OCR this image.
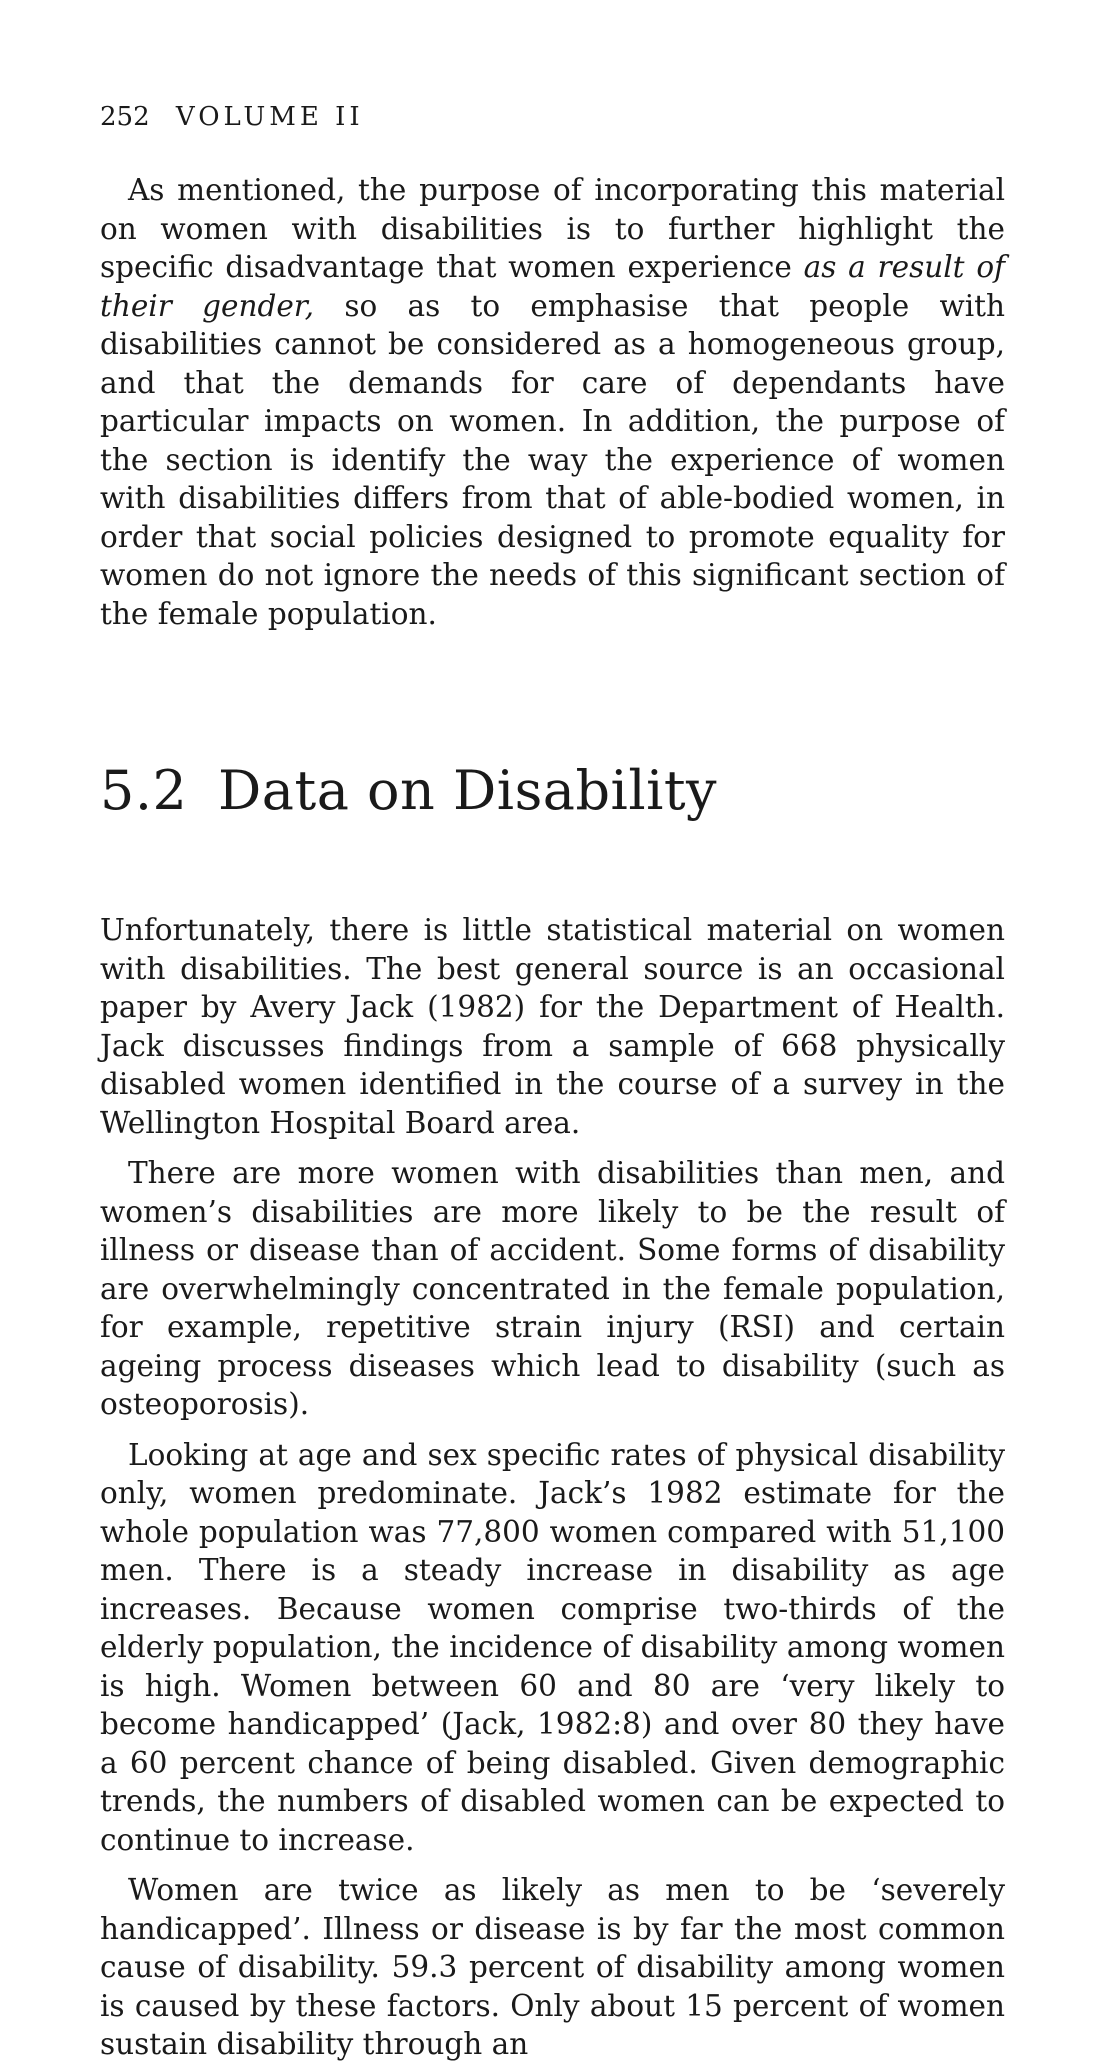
252 VOLUME II

As mentioned, the purpose of incorporating this material on women with disabilities is to further highlight the specific disadvantage that women experience as a result of their gender, so as to emphasise that people with disabilities cannot be considered as a homogeneous group, and that the demands for care of dependants have particular impacts on women. In addition, the purpose of the section is identify the way the experience of women with disabilities differs from that of able-bodied women, in order that social policies designed to promote equality for women do not ignore the needs of this significant section of the female population.

5.2 Data on Disability

Unfortunately, there is little statistical material on women with disabilities. The best general source is an occasional paper by Avery Jack (1982) for the Department of Health. Jack discusses findings from a sample of 668 physically disabled women identified in the course of a survey in the Wellington Hospital Board area.

There are more women with disabilities than men, and women’s disabilities are more likely to be the result of illness or disease than of accident. Some forms of disability are overwhelmingly concentrated in the female population, for example, repetitive strain injury (RSI) and certain ageing process diseases which lead to disability (such as osteoporosis).

Looking at age and sex specific rates of physical disability only, women predominate. Jack’s 1982 estimate for the whole population was 77,800 women compared with 51,100 men. There is a steady increase in disability as age increases. Because women comprise two-thirds of the elderly population, the incidence of disability among women is high. Women between 60 and 80 are ‘very likely to become handicapped’ (Jack, 1982:8) and over 80 they have a 60 percent chance of being disabled. Given demographic trends, the numbers of disabled women can be expected to continue to increase.

Women are twice as likely as men to be ‘severely handicapped’. Illness or disease is by far the most common cause of disability. 59.3 percent of disability among women is caused by these factors. Only about 15 percent of women sustain disability through an
